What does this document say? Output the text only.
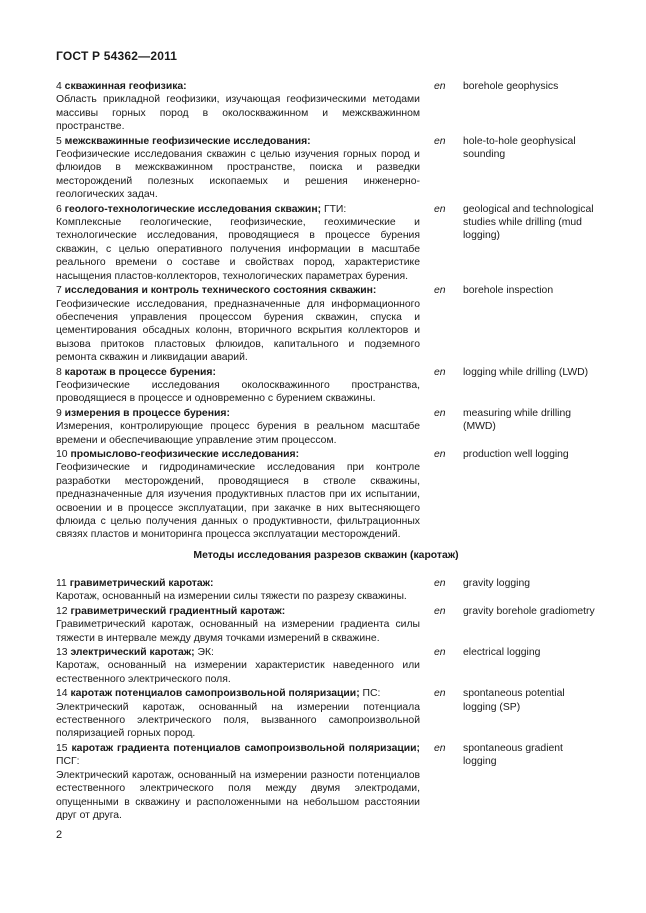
ГОСТ Р 54362—2011
4 скважинная геофизика:
Область прикладной геофизики, изучающая геофизическими методами массивы горных пород в околоскважинном и межскважинном пространстве.
en	borehole geophysics
5 межскважинные геофизические исследования:
Геофизические исследования скважин с целью изучения горных пород и флюидов в межскважинном пространстве, поиска и разведки месторождений полезных ископаемых и решения инженерно-геологических задач.
en	hole-to-hole geophysical sounding
6 геолого-технологические исследования скважин; ГТИ:
Комплексные геологические, геофизические, геохимические и технологические исследования, проводящиеся в процессе бурения скважин, с целью оперативного получения информации в масштабе реального времени о составе и свойствах пород, характеристике насыщения пластов-коллекторов, технологических параметрах бурения.
en	geological and technological studies while drilling (mud logging)
7 исследования и контроль технического состояния скважин:
Геофизические исследования, предназначенные для информационного обеспечения управления процессом бурения скважин, спуска и цементирования обсадных колонн, вторичного вскрытия коллекторов и вызова притоков пластовых флюидов, капитального и подземного ремонта скважин и ликвидации аварий.
en	borehole inspection
8 каротаж в процессе бурения:
Геофизические исследования околоскважинного пространства, проводящиеся в процессе и одновременно с бурением скважины.
en	logging while drilling (LWD)
9 измерения в процессе бурения:
Измерения, контролирующие процесс бурения в реальном масштабе времени и обеспечивающие управление этим процессом.
en	measuring while drilling (MWD)
10 промыслово-геофизические исследования:
Геофизические и гидродинамические исследования при контроле разработки месторождений, проводящиеся в стволе скважины, предназначенные для изучения продуктивных пластов при их испытании, освоении и в процессе эксплуатации, при закачке в них вытесняющего флюида с целью получения данных о продуктивности, фильтрационных связях пластов и мониторинга процесса эксплуатации месторождений.
en	production well logging
Методы исследования разрезов скважин (каротаж)
11 гравиметрический каротаж:
Каротаж, основанный на измерении силы тяжести по разрезу скважины.
en	gravity logging
12 гравиметрический градиентный каротаж:
Гравиметрический каротаж, основанный на измерении градиента силы тяжести в интервале между двумя точками измерений в скважине.
en	gravity borehole gradiometry
13 электрический каротаж; ЭК:
Каротаж, основанный на измерении характеристик наведенного или естественного электрического поля.
en	electrical logging
14 каротаж потенциалов самопроизвольной поляризации; ПС:
Электрический каротаж, основанный на измерении потенциала естественного электрического поля, вызванного самопроизвольной поляризацией горных пород.
en	spontaneous potential logging (SP)
15 каротаж градиента потенциалов самопроизвольной поляризации; ПСГ:
Электрический каротаж, основанный на измерении разности потенциалов естественного электрического поля между двумя электродами, опущенными в скважину и расположенными на небольшом расстоянии друг от друга.
en	spontaneous gradient logging
2
